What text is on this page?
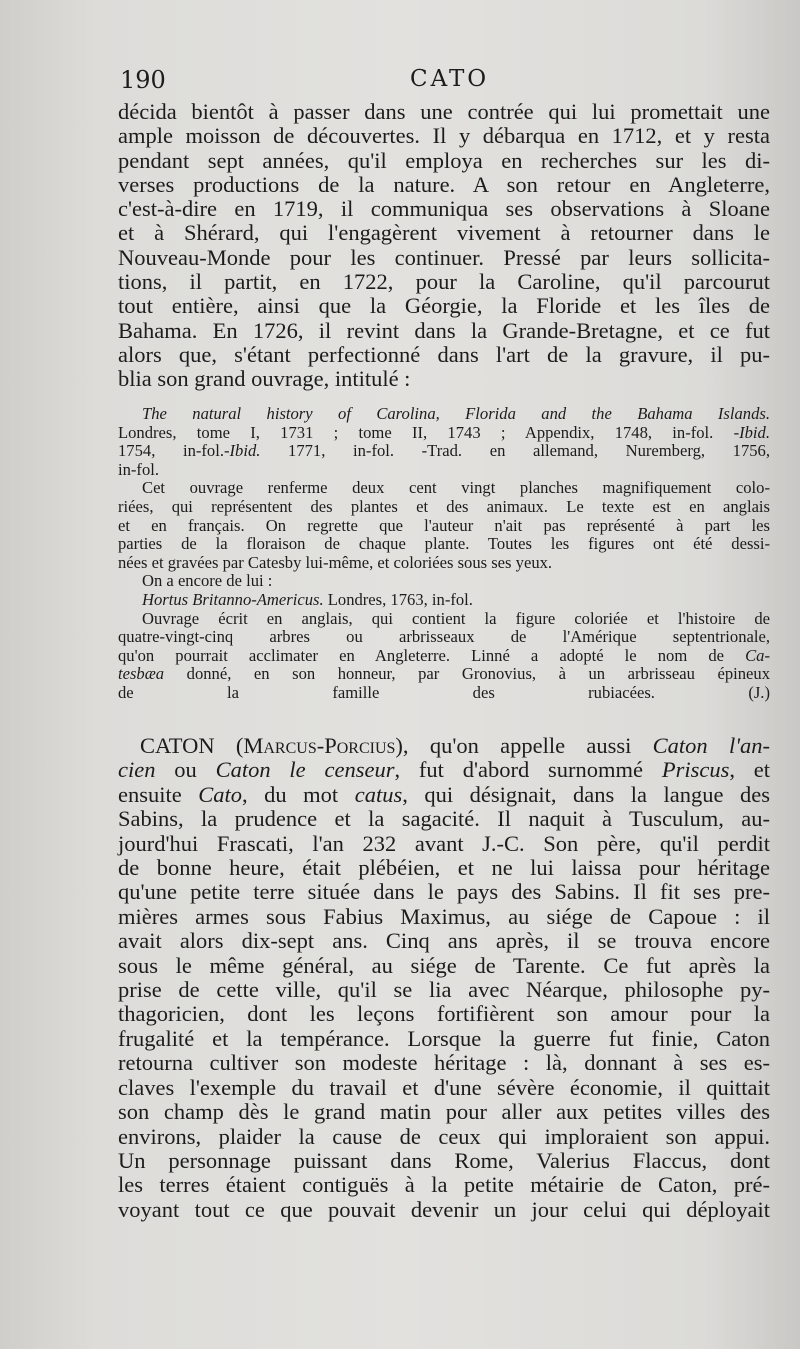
190	CATO
décida bientôt à passer dans une contrée qui lui promettait une
ample moisson de découvertes. Il y débarqua en 1712, et y resta
pendant sept années, qu'il employa en recherches sur les di-
verses productions de la nature. A son retour en Angleterre,
c'est-à-dire en 1719, il communiqua ses observations à Sloane
et à Shérard, qui l'engagèrent vivement à retourner dans le
Nouveau-Monde pour les continuer. Pressé par leurs sollicita-
tions, il partit, en 1722, pour la Caroline, qu'il parcourut
tout entière, ainsi que la Géorgie, la Floride et les îles de
Bahama. En 1726, il revint dans la Grande-Bretagne, et ce fut
alors que, s'étant perfectionné dans l'art de la gravure, il pu-
blia son grand ouvrage, intitulé :
The natural history of Carolina, Florida and the Bahama Islands.
Londres, tome I, 1731 ; tome II, 1743 ; Appendix, 1748, in-fol. -Ibid.
1754, in-fol.-Ibid. 1771, in-fol. -Trad. en allemand, Nuremberg, 1756,
in-fol.
Cet ouvrage renferme deux cent vingt planches magnifiquement colo-
riées, qui représentent des plantes et des animaux. Le texte est en anglais
et en français. On regrette que l'auteur n'ait pas représenté à part les
parties de la floraison de chaque plante. Toutes les figures ont été dessi-
nées et gravées par Catesby lui-même, et coloriées sous ses yeux.
On a encore de lui :
Hortus Britanno-Americus. Londres, 1763, in-fol.
Ouvrage écrit en anglais, qui contient la figure coloriée et l'histoire de
quatre-vingt-cinq arbres ou arbrisseaux de l'Amérique septentrionale,
qu'on pourrait acclimater en Angleterre. Linné a adopté le nom de Ca-
tesbæa donné, en son honneur, par Gronovius, à un arbrisseau épineux
de la famille des rubiacées.	(J.)
CATON (Marcus-Porcius), qu'on appelle aussi Caton l'an-
cien ou Caton le censeur, fut d'abord surnommé Priscus, et
ensuite Cato, du mot catus, qui désignait, dans la langue des
Sabins, la prudence et la sagacité. Il naquit à Tusculum, au-
jourd'hui Frascati, l'an 232 avant J.-C. Son père, qu'il perdit
de bonne heure, était plébéien, et ne lui laissa pour héritage
qu'une petite terre située dans le pays des Sabins. Il fit ses pre-
mières armes sous Fabius Maximus, au siége de Capoue : il
avait alors dix-sept ans. Cinq ans après, il se trouva encore
sous le même général, au siége de Tarente. Ce fut après la
prise de cette ville, qu'il se lia avec Néarque, philosophe py-
thagoricien, dont les leçons fortifièrent son amour pour la
frugalité et la tempérance. Lorsque la guerre fut finie, Caton
retourna cultiver son modeste héritage : là, donnant à ses es-
claves l'exemple du travail et d'une sévère économie, il quittait
son champ dès le grand matin pour aller aux petites villes des
environs, plaider la cause de ceux qui imploraient son appui.
Un personnage puissant dans Rome, Valerius Flaccus, dont
les terres étaient contiguës à la petite métairie de Caton, pré-
voyant tout ce que pouvait devenir un jour celui qui déployait
